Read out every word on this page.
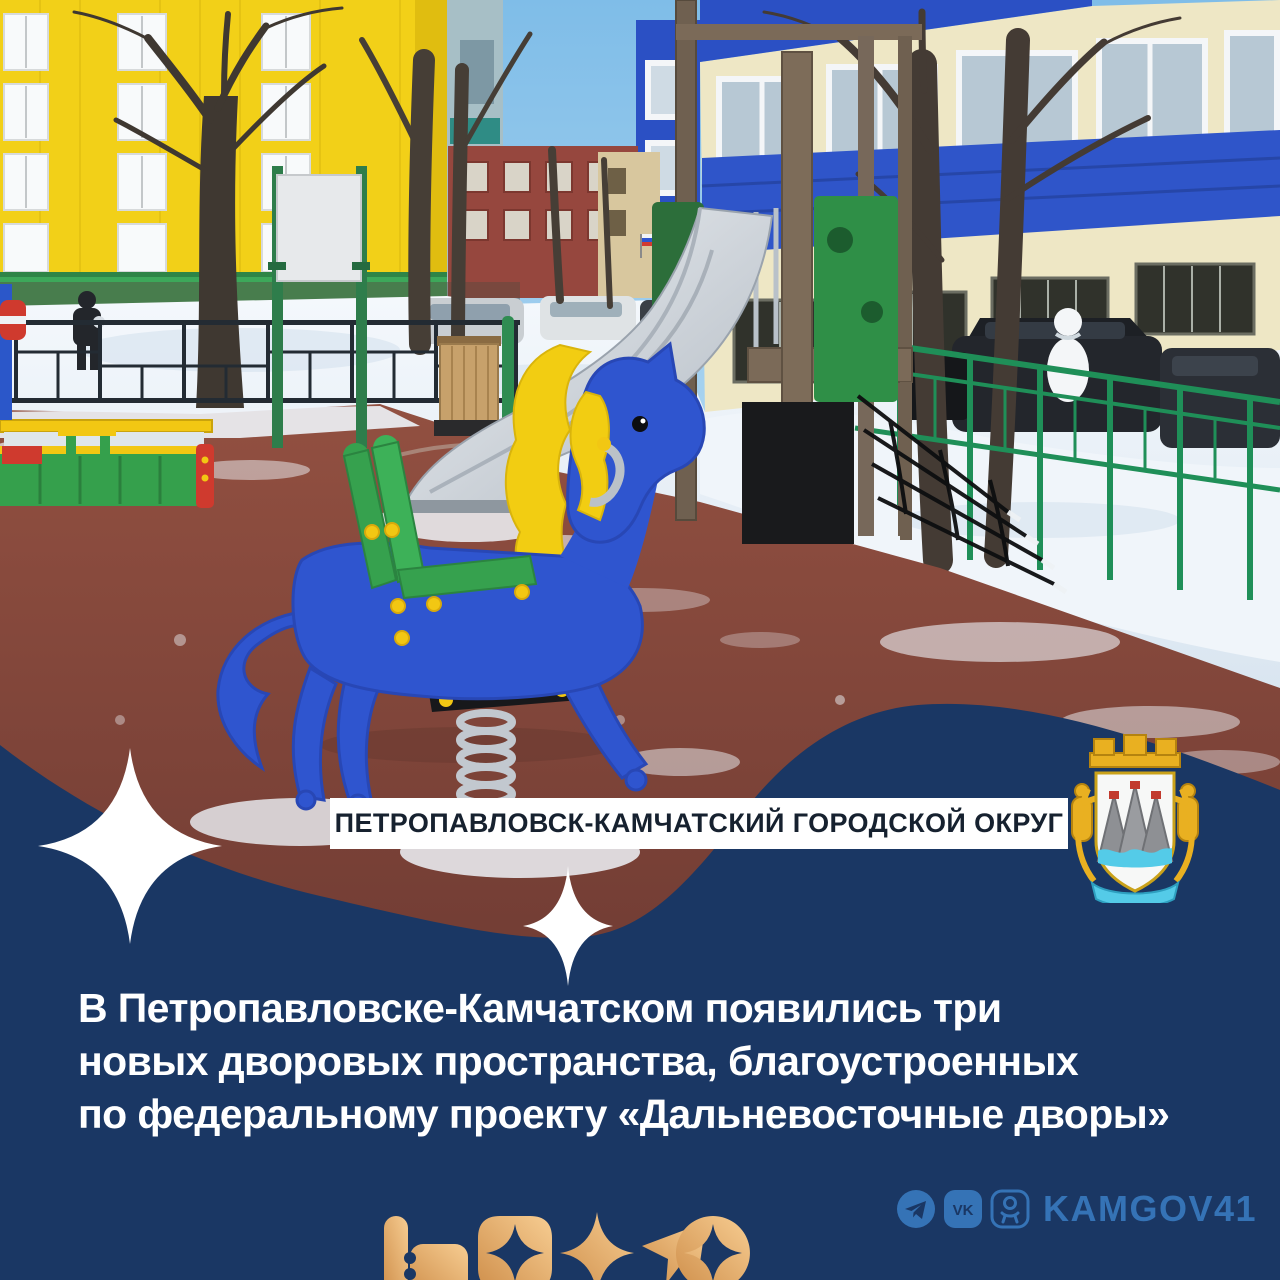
ПЕТРОПАВЛОВСК-КАМЧАТСКИЙ ГОРОДСКОЙ ОКРУГ
В Петропавловске-Камчатском появились три
новых дворовых пространства, благоустроенных
по федеральному проекту «Дальневосточные дворы»
VK KAMGOV41
